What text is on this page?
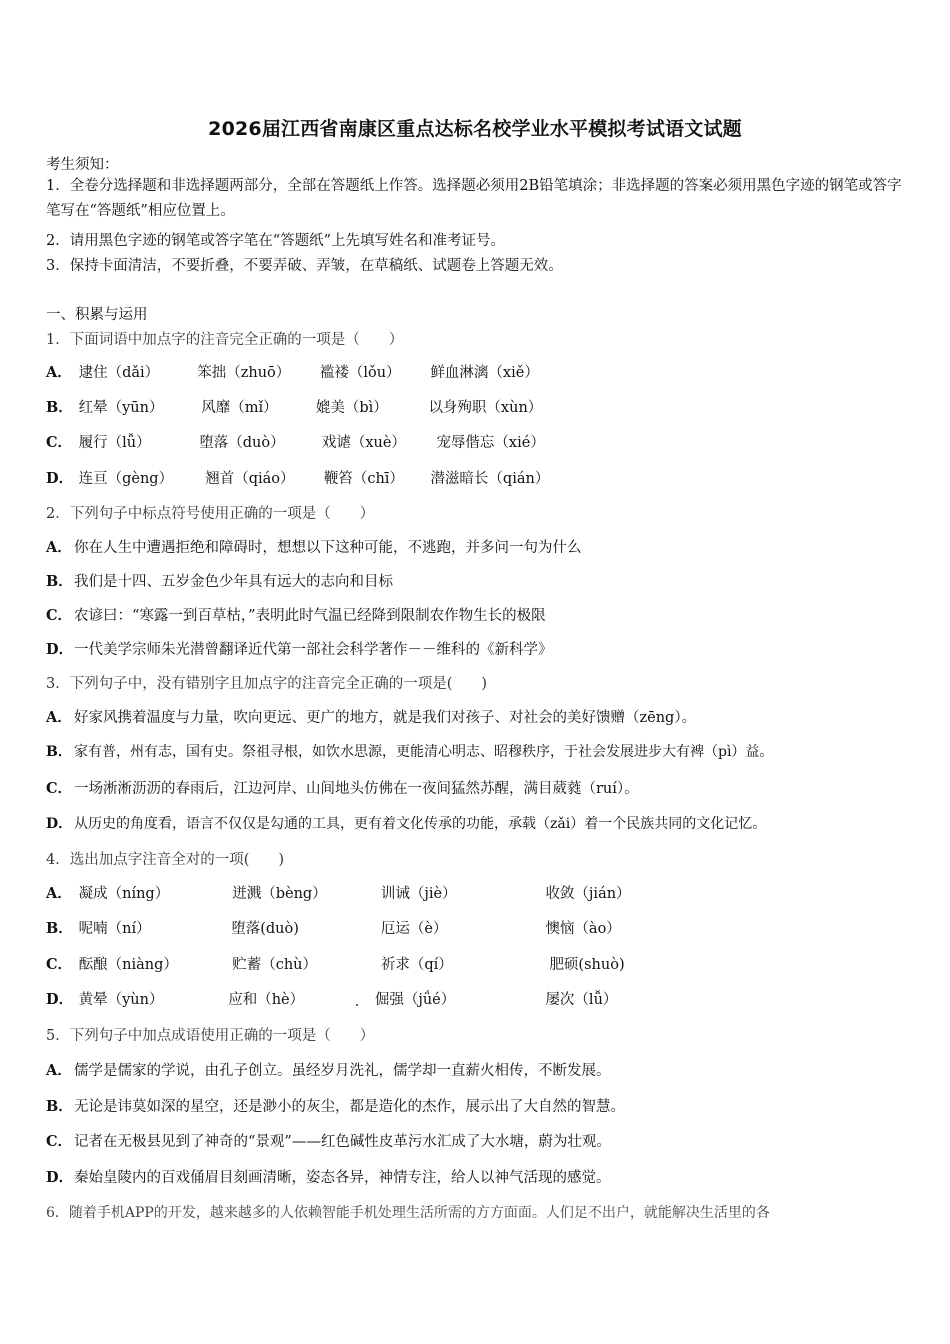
2026届江西省南康区重点达标名校学业水平模拟考试语文试题
考生须知：
1．全卷分选择题和非选择题两部分，全部在答题纸上作答。选择题必须用2B铅笔填涂；非选择题的答案必须用黑色字迹的钢笔或答字笔写在“答题纸”相应位置上。
2．请用黑色字迹的钢笔或答字笔在“答题纸”上先填写姓名和准考证号。
3．保持卡面清洁，不要折叠，不要弄破、弄皱，在草稿纸、试题卷上答题无效。
一、积累与运用
1．下面词语中加点字的注音完全正确的一项是（　　）
A． 逮住（dǎi）	笨拙（zhuō） 褴褛（lǒu） 鲜血淋漓（xiě）
B． 红晕（yūn）	风靡（mǐ）	媲美（bì）	以身殉职（xùn）
C． 履行（lǚ）	堕落（duò）	戏谑（xuè） 宠辱偕忘（xié）
D． 连亘（gèng） 翘首（qiáo） 鞭笞（chī） 潜滋暗长（qián）
2．下列句子中标点符号使用正确的一项是（　　）
A． 你在人生中遭遇拒绝和障碍时，想想以下这种可能，不逃跑，并多问一句为什么
B．我们是十四、五岁金色少年具有远大的志向和目标
C． 农谚曰：“寒露一到百草枯，”表明此时气温已经降到限制农作物生长的极限
D．一代美学宗师朱光潜曾翻译近代第一部社会科学著作－－维科的《新科学》
3．下列句子中，没有错别字且加点字的注音完全正确的一项是(　　)
A． 好家风携着温度与力量，吹向更远、更广的地方，就是我们对孩子、对社会的美好馈赠（zēng）。
B． 家有普，州有志，国有史。祭祖寻根，如饮水思源，更能清心明志、昭穆秩序，于社会发展进步大有裨（pì）益。
C． 一场淅淅沥沥的春雨后，江边河岸、山间地头仿佛在一夜间猛然苏醒，满目葳蕤（ruí）。
D． 从历史的角度看，语言不仅仅是勾通的工具，更有着文化传承的功能，承载（zǎi）着一个民族共同的文化记忆。
4．选出加点字注音全对的一项(　　)
A． 凝成（níng）	迸溅（bèng）	训诫（jiè）	收敛（jián）
B． 呢喃（ní）	堕落(duò)	厄运（è）	懊恼（ào）
C． 酝酿（niàng）	贮蓄（chù）	祈求（qí）	肥硕(shuò)
D． 黄晕（yùn）	应和（hè）	倔强（jǘé）	屡次（lǚ）
5．下列句子中加点成语使用正确的一项是（　　）
A． 儒学是儒家的学说，由孔子创立。虽经岁月洗礼，儒学却一直薪火相传，不断发展。
B．无论是讳莫如深的星空，还是渺小的灰尘，都是造化的杰作，展示出了大自然的智慧。
C． 记者在无极县见到了神奇的“景观”——红色碱性皮革污水汇成了大水塘，蔚为壮观。
D．秦始皇陵内的百戏俑眉目刻画清晰，姿态各异，神情专注，给人以神气活现的感觉。
6．随着手机APP的开发，越来越多的人依赖智能手机处理生活所需的方方面面。人们足不出户，就能解决生活里的各
